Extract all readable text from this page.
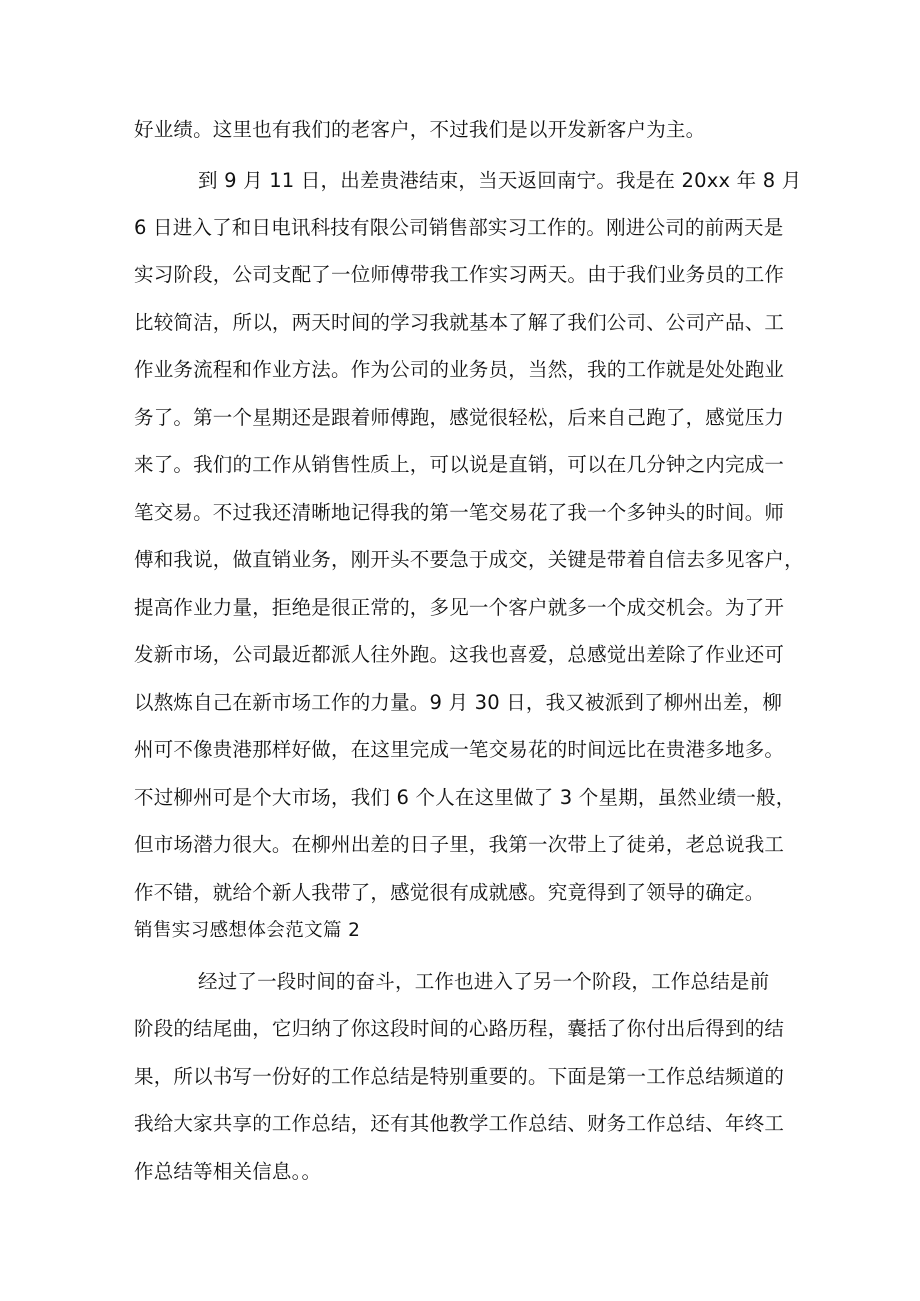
好业绩。这里也有我们的老客户，不过我们是以开发新客户为主。
到 9 月 11 日，出差贵港结束，当天返回南宁。我是在 20xx 年 8 月
6 日进入了和日电讯科技有限公司销售部实习工作的。刚进公司的前两天是
实习阶段，公司支配了一位师傅带我工作实习两天。由于我们业务员的工作
比较简洁，所以，两天时间的学习我就基本了解了我们公司、公司产品、工
作业务流程和作业方法。作为公司的业务员，当然，我的工作就是处处跑业
务了。第一个星期还是跟着师傅跑，感觉很轻松，后来自己跑了，感觉压力
来了。我们的工作从销售性质上，可以说是直销，可以在几分钟之内完成一
笔交易。不过我还清晰地记得我的第一笔交易花了我一个多钟头的时间。师
傅和我说，做直销业务，刚开头不要急于成交，关键是带着自信去多见客户，
提高作业力量，拒绝是很正常的，多见一个客户就多一个成交机会。为了开
发新市场，公司最近都派人往外跑。这我也喜爱，总感觉出差除了作业还可
以熬炼自己在新市场工作的力量。9 月 30 日，我又被派到了柳州出差，柳
州可不像贵港那样好做，在这里完成一笔交易花的时间远比在贵港多地多。
不过柳州可是个大市场，我们 6 个人在这里做了 3 个星期，虽然业绩一般，
但市场潜力很大。在柳州出差的日子里，我第一次带上了徒弟，老总说我工
作不错，就给个新人我带了，感觉很有成就感。究竟得到了领导的确定。
销售实习感想体会范文篇 2
经过了一段时间的奋斗，工作也进入了另一个阶段，工作总结是前
阶段的结尾曲，它归纳了你这段时间的心路历程，囊括了你付出后得到的结
果，所以书写一份好的工作总结是特别重要的。下面是第一工作总结频道的
我给大家共享的工作总结，还有其他教学工作总结、财务工作总结、年终工
作总结等相关信息。。
